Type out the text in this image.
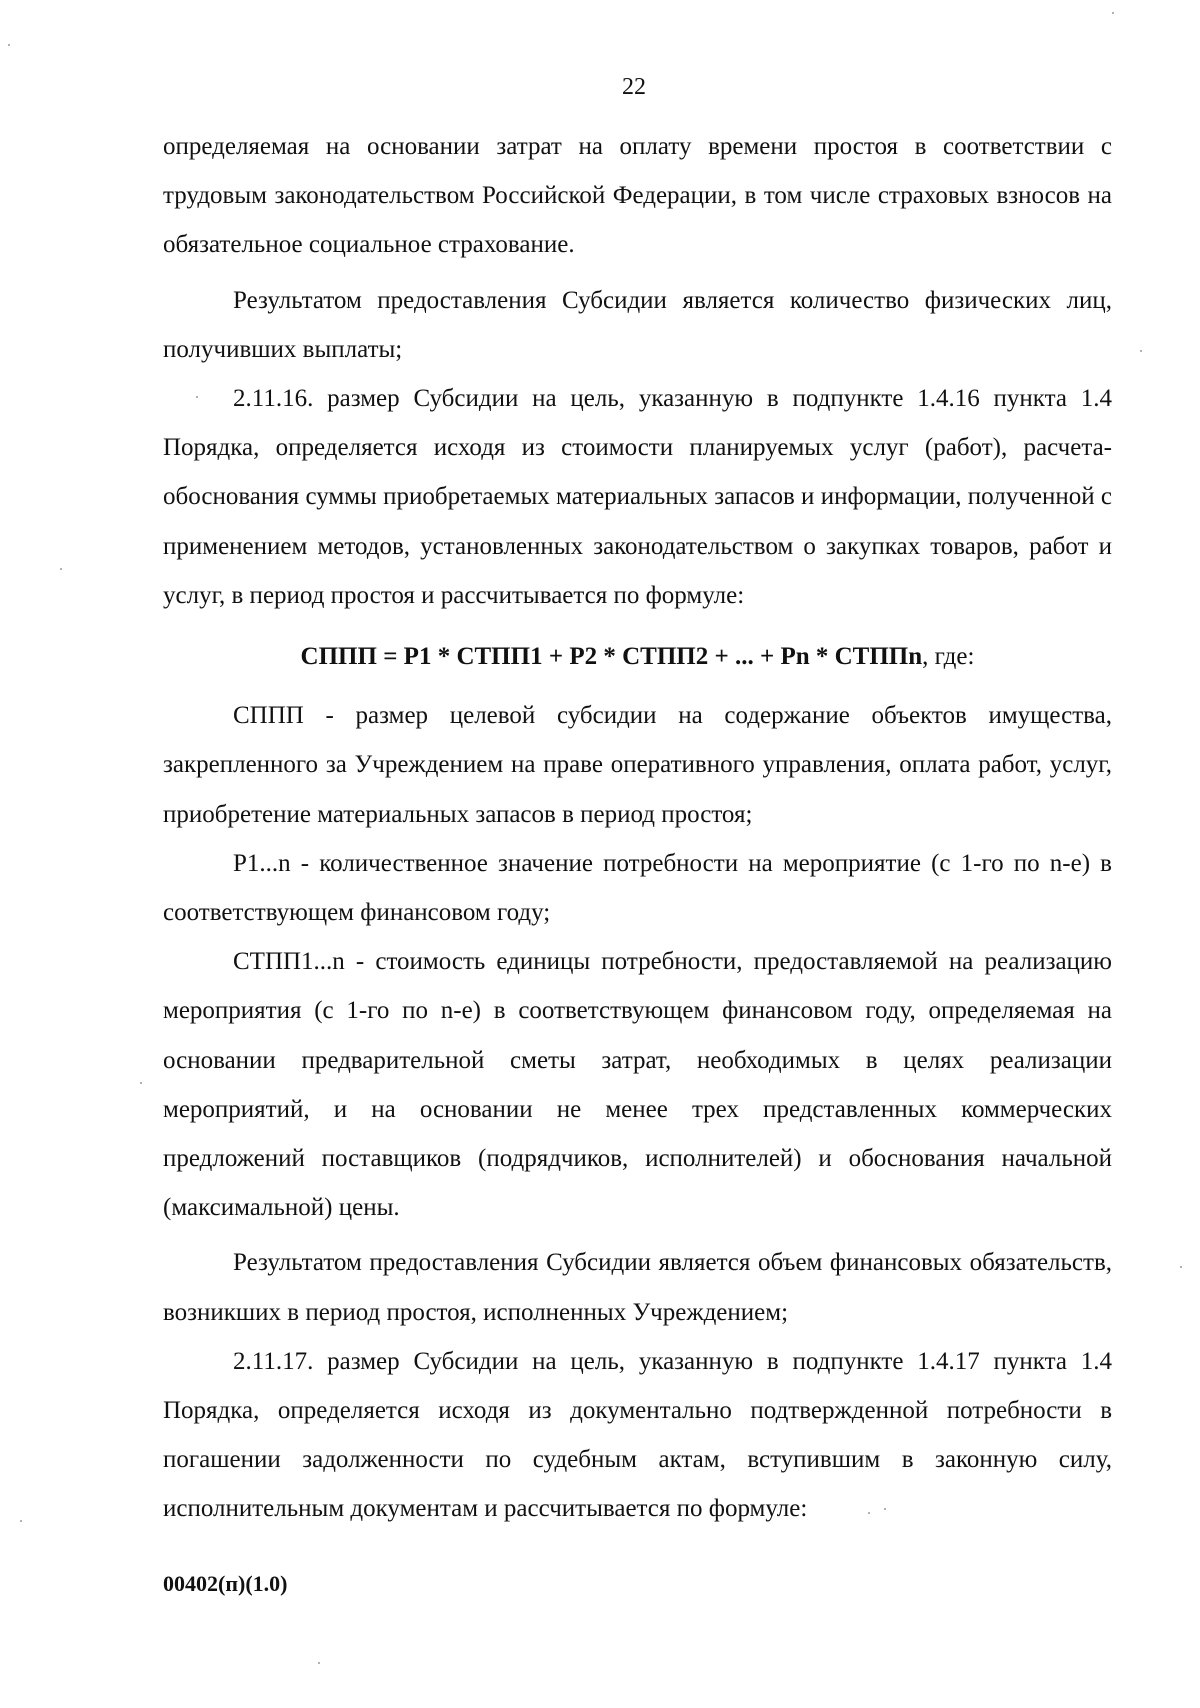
22

определяемая на основании затрат на оплату времени простоя в соответствии с трудовым законодательством Российской Федерации, в том числе страховых взносов на обязательное социальное страхование.

Результатом предоставления Субсидии является количество физических лиц, получивших выплаты;

2.11.16. размер Субсидии на цель, указанную в подпункте 1.4.16 пункта 1.4 Порядка, определяется исходя из стоимости планируемых услуг (работ), расчета-обоснования суммы приобретаемых материальных запасов и информации, полученной с применением методов, установленных законодательством о закупках товаров, работ и услуг, в период простоя и рассчитывается по формуле:

СППП = Р1 * СТПП1 + Р2 * СТПП2 + ... + Рn * СТППn, где:

СППП - размер целевой субсидии на содержание объектов имущества, закрепленного за Учреждением на праве оперативного управления, оплата работ, услуг, приобретение материальных запасов в период простоя;

Р1...n - количественное значение потребности на мероприятие (с 1-го по n-е) в соответствующем финансовом году;

СТПП1...n - стоимость единицы потребности, предоставляемой на реализацию мероприятия (с 1-го по n-е) в соответствующем финансовом году, определяемая на основании предварительной сметы затрат, необходимых в целях реализации мероприятий, и на основании не менее трех представленных коммерческих предложений поставщиков (подрядчиков, исполнителей) и обоснования начальной (максимальной) цены.

Результатом предоставления Субсидии является объем финансовых обязательств, возникших в период простоя, исполненных Учреждением;

2.11.17. размер Субсидии на цель, указанную в подпункте 1.4.17 пункта 1.4 Порядка, определяется исходя из документально подтвержденной потребности в погашении задолженности по судебным актам, вступившим в законную силу, исполнительным документам и рассчитывается по формуле:

00402(п)(1.0)
